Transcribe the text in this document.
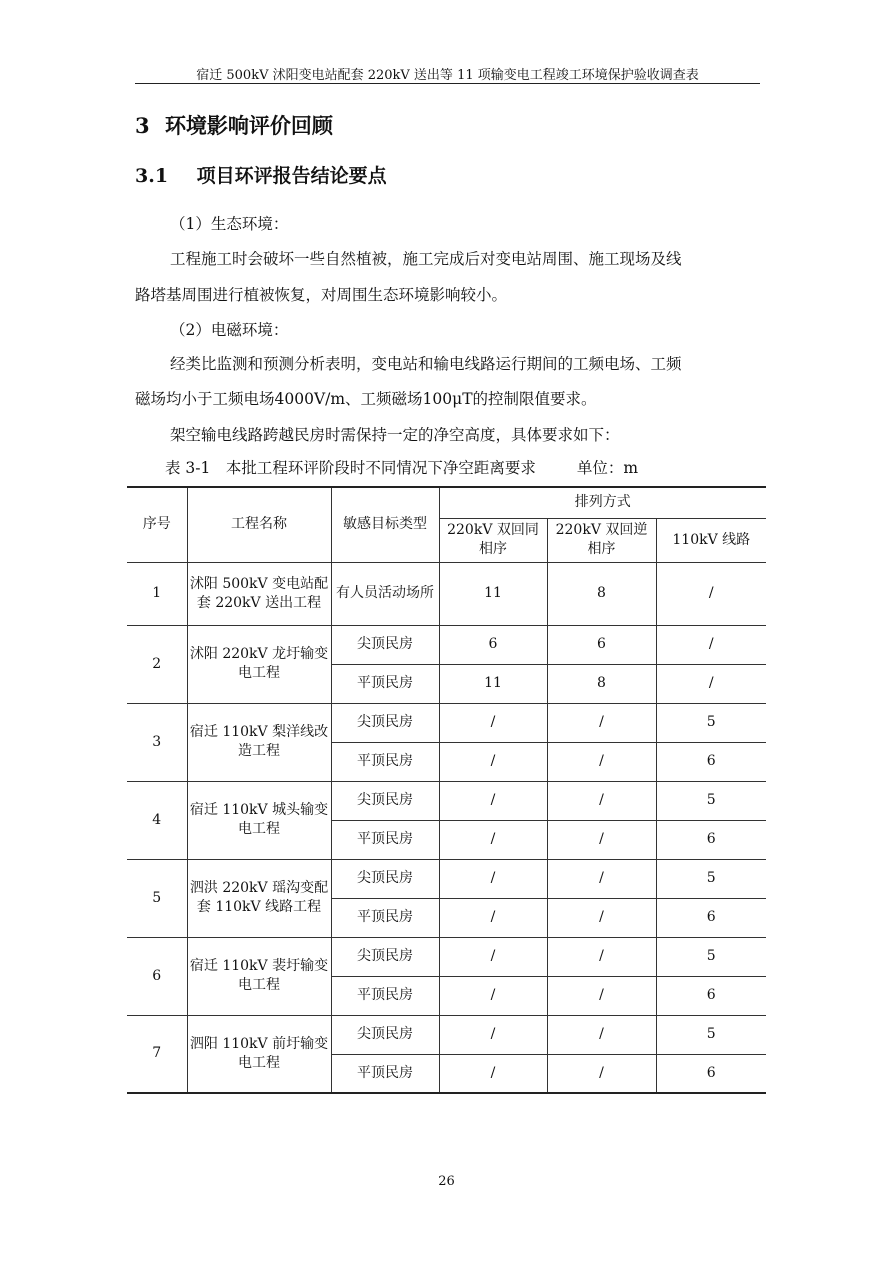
宿迁 500kV 沭阳变电站配套 220kV 送出等 11 项输变电工程竣工环境保护验收调查表
3 环境影响评价回顾
3.1 项目环评报告结论要点
（1）生态环境：
工程施工时会破坏一些自然植被，施工完成后对变电站周围、施工现场及线
路塔基周围进行植被恢复，对周围生态环境影响较小。
（2）电磁环境：
经类比监测和预测分析表明，变电站和输电线路运行期间的工频电场、工频
磁场均小于工频电场4000V/m、工频磁场100μT的控制限值要求。
架空输电线路跨越民房时需保持一定的净空高度，具体要求如下：
表 3-1　本批工程环评阶段时不同情况下净空距离要求	单位：m
序号	工程名称	敏感目标类型	排列方式		
			220kV 双回同相序	220kV 双回逆相序	110kV 线路
1	沭阳 500kV 变电站配套 220kV 送出工程	有人员活动场所	11	8	/
2	沭阳 220kV 龙圩输变电工程	尖顶民房	6	6	/
		平顶民房	11	8	/
3	宿迁 110kV 梨洋线改造工程	尖顶民房	/	/	5
		平顶民房	/	/	6
4	宿迁 110kV 城头输变电工程	尖顶民房	/	/	5
		平顶民房	/	/	6
5	泗洪 220kV 瑶沟变配套 110kV 线路工程	尖顶民房	/	/	5
		平顶民房	/	/	6
6	宿迁 110kV 裴圩输变电工程	尖顶民房	/	/	5
		平顶民房	/	/	6
7	泗阳 110kV 前圩输变电工程	尖顶民房	/	/	5
		平顶民房	/	/	6
26
